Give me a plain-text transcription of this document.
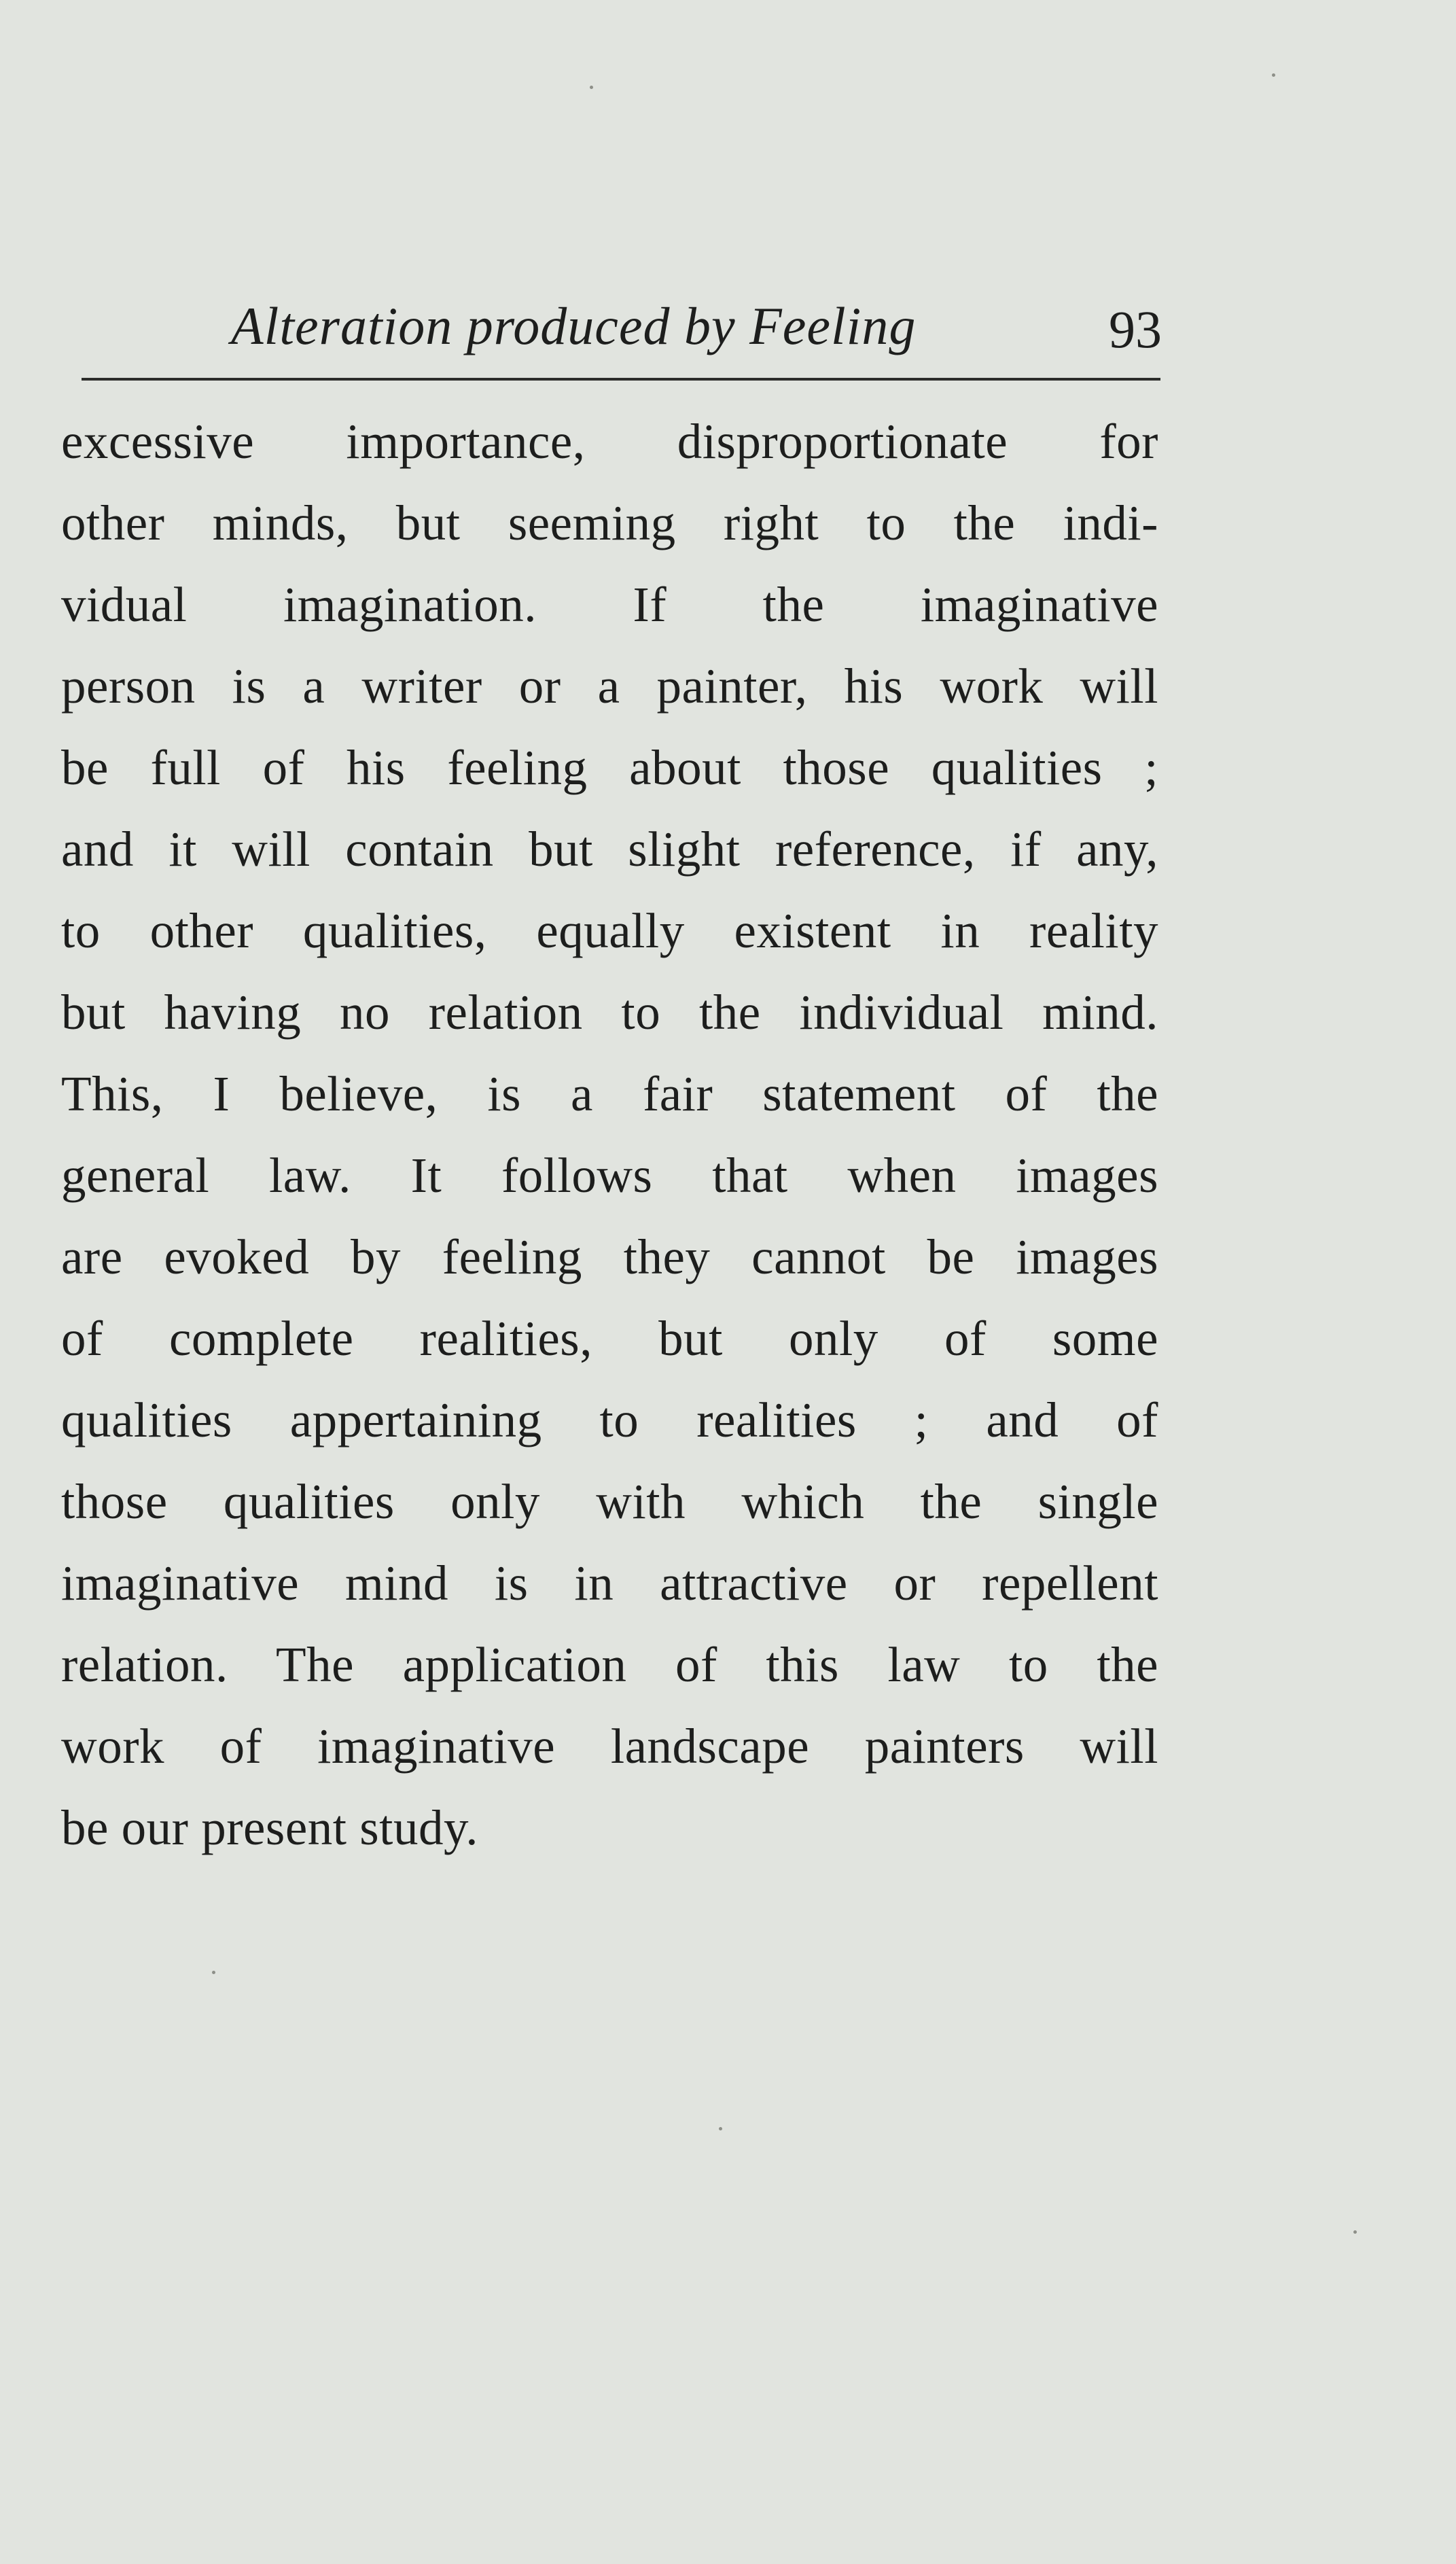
Alteration produced by Feeling	93
excessive importance, disproportionate for
other minds, but seeming right to the indi-
vidual imagination. If the imaginative
person is a writer or a painter, his work will
be full of his feeling about those qualities ;
and it will contain but slight reference, if any,
to other qualities, equally existent in reality
but having no relation to the individual mind.
This, I believe, is a fair statement of the
general law. It follows that when images
are evoked by feeling they cannot be images
of complete realities, but only of some
qualities appertaining to realities ; and of
those qualities only with which the single
imaginative mind is in attractive or repellent
relation. The application of this law to the
work of imaginative landscape painters will
be our present study.
